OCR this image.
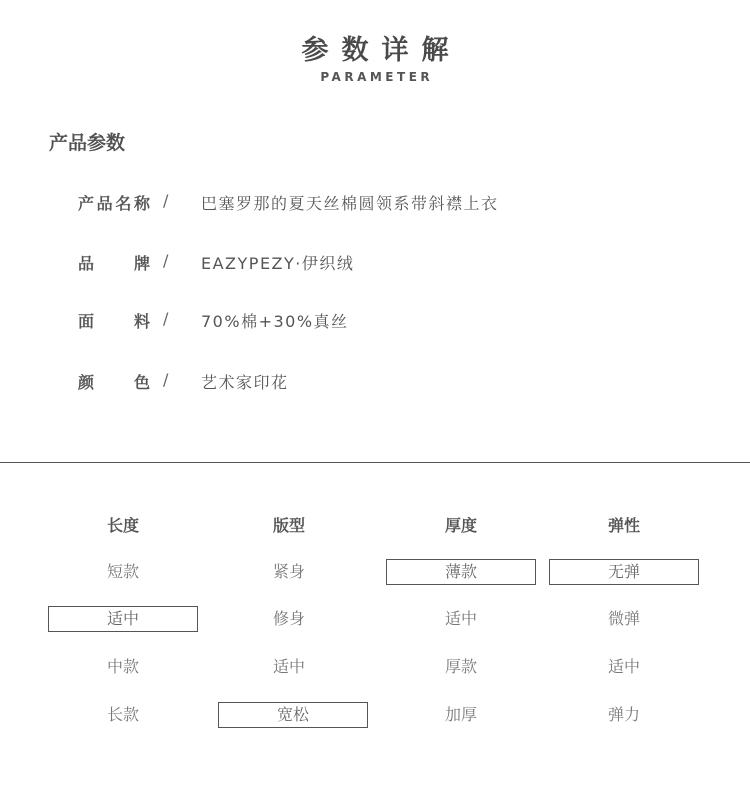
参数详解
PARAMETER
产品参数
产品名称 / 巴塞罗那的夏天丝棉圆领系带斜襟上衣
品牌 / EAZYPEZY·伊织绒
面料 / 70%棉+30%真丝
颜色 / 艺术家印花
长度
短款
适中
中款
长款
版型
紧身
修身
适中
宽松
厚度
薄款
适中
厚款
加厚
弹性
无弹
微弹
适中
弹力
